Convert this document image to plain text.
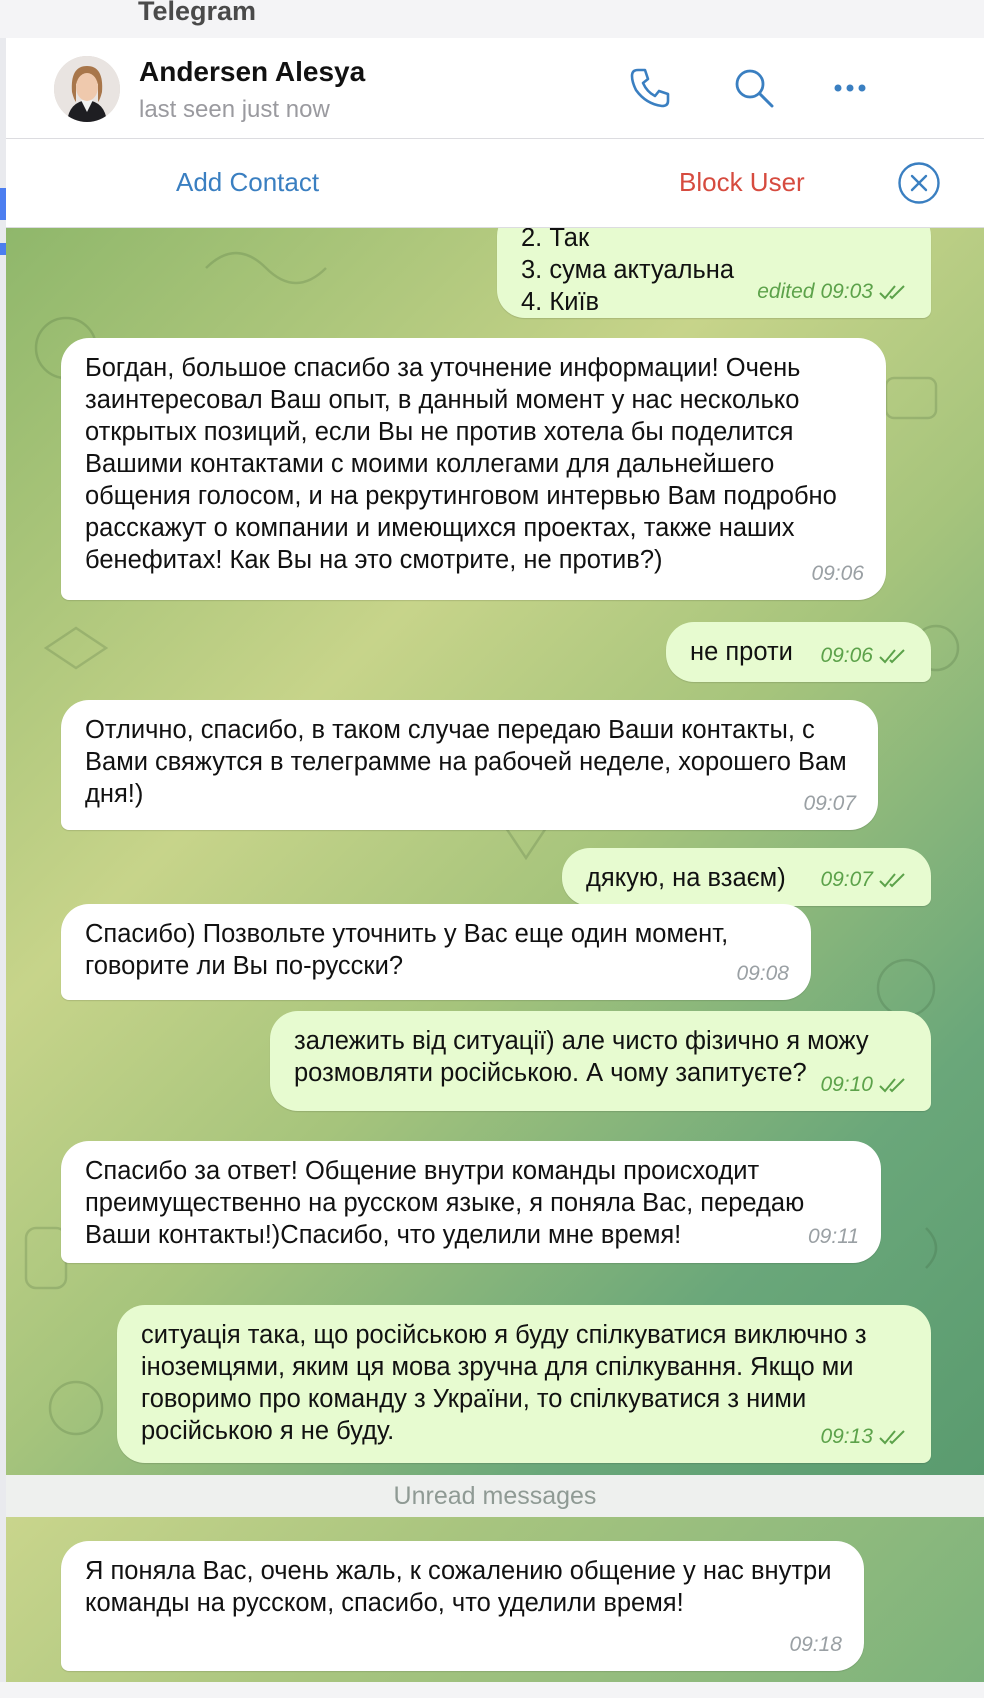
Telegram
Andersen Alesya
last seen just now
Add Contact	Block User
2. Так
3. сума актуальна
4. Київ	edited 09:03
Богдан, большое спасибо за уточнение информации! Очень заинтересовал Ваш опыт, в данный момент у нас несколько открытых позиций, если Вы не против хотела бы поделится Вашими контактами с моими коллегами для дальнейшего общения голосом, и на рекрутинговом интервью Вам подробно расскажут о компании и имеющихся проектах, также наших бенефитах! Как Вы на это смотрите, не против?)	09:06
не проти	09:06
Отлично, спасибо, в таком случае передаю Ваши контакты, с Вами свяжутся в телеграмме на рабочей неделе, хорошего Вам дня!)	09:07
дякую, на взаєм)	09:07
Спасибо) Позвольте уточнить у Вас еще один момент, говорите ли Вы по-русски?	09:08
залежить від ситуації) але чисто фізично я можу розмовляти російською. А чому запитуєте? 09:10
Спасибо за ответ! Общение внутри команды происходит преимущественно на русском языке, я поняла Вас, передаю Ваши контакты!)Спасибо, что уделили мне время!	09:11
ситуація така, що російською я буду спілкуватися виключно з іноземцями, яким ця мова зручна для спілкування. Якщо ми говоримо про команду з України, то спілкуватися з ними російською я не буду.	09:13
Unread messages
Я поняла Вас, очень жаль, к сожалению общение у нас внутри команды на русском, спасибо, что уделили время!
09:18
